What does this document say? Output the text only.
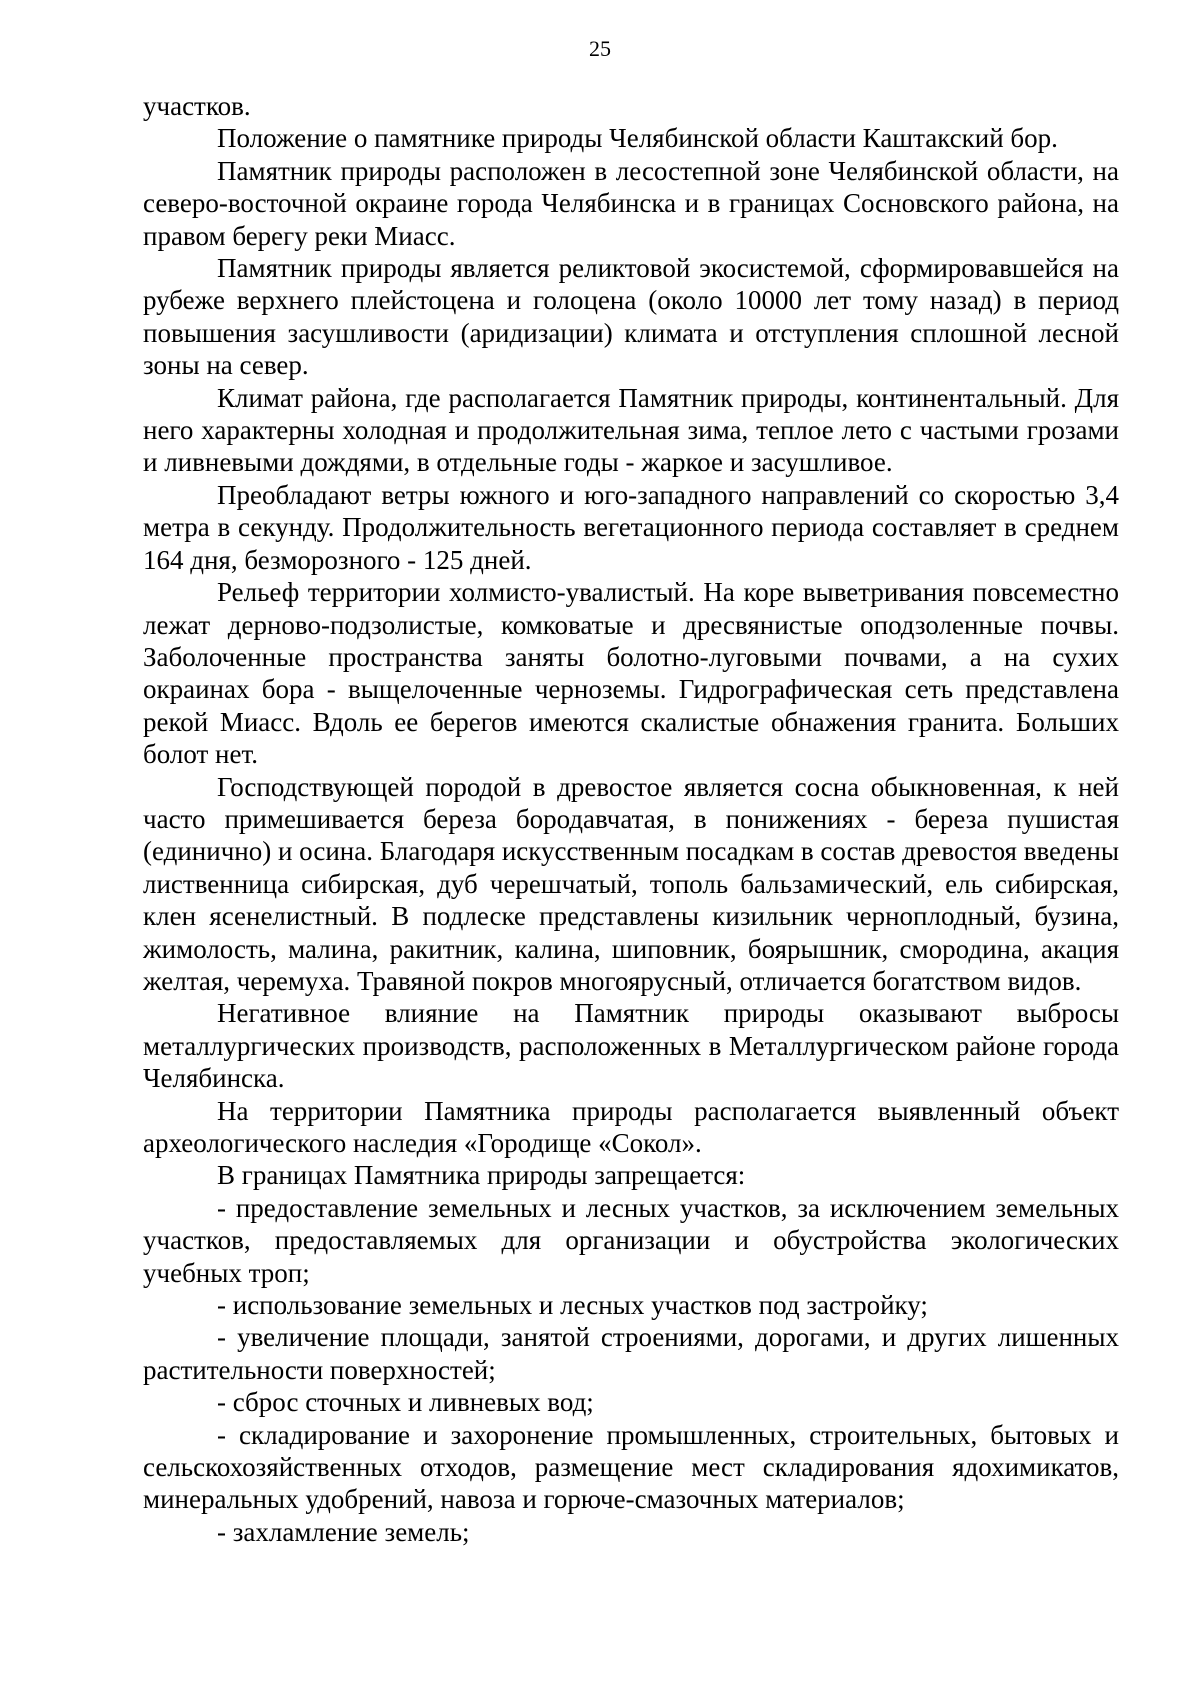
25

участков.

Положение о памятнике природы Челябинской области Каштакский бор.

Памятник природы расположен в лесостепной зоне Челябинской области, на северо-восточной окраине города Челябинска и в границах Сосновского района, на правом берегу реки Миасс.

Памятник природы является реликтовой экосистемой, сформировавшейся на рубеже верхнего плейстоцена и голоцена (около 10000 лет тому назад) в период повышения засушливости (аридизации) климата и отступления сплошной лесной зоны на север.

Климат района, где располагается Памятник природы, континентальный. Для него характерны холодная и продолжительная зима, теплое лето с частыми грозами и ливневыми дождями, в отдельные годы - жаркое и засушливое.

Преобладают ветры южного и юго-западного направлений со скоростью 3,4 метра в секунду. Продолжительность вегетационного периода составляет в среднем 164 дня, безморозного - 125 дней.

Рельеф территории холмисто-увалистый. На коре выветривания повсеместно лежат дерново-подзолистые, комковатые и дресвянистые оподзоленные почвы. Заболоченные пространства заняты болотно-луговыми почвами, а на сухих окраинах бора - выщелоченные черноземы. Гидрографическая сеть представлена рекой Миасс. Вдоль ее берегов имеются скалистые обнажения гранита. Больших болот нет.

Господствующей породой в древостое является сосна обыкновенная, к ней часто примешивается береза бородавчатая, в понижениях - береза пушистая (единично) и осина. Благодаря искусственным посадкам в состав древостоя введены лиственница сибирская, дуб черешчатый, тополь бальзамический, ель сибирская, клен ясенелистный. В подлеске представлены кизильник черноплодный, бузина, жимолость, малина, ракитник, калина, шиповник, боярышник, смородина, акация желтая, черемуха. Травяной покров многоярусный, отличается богатством видов.

Негативное влияние на Памятник природы оказывают выбросы металлургических производств, расположенных в Металлургическом районе города Челябинска.

На территории Памятника природы располагается выявленный объект археологического наследия «Городище «Сокол».

В границах Памятника природы запрещается:

- предоставление земельных и лесных участков, за исключением земельных участков, предоставляемых для организации и обустройства экологических учебных троп;

- использование земельных и лесных участков под застройку;

- увеличение площади, занятой строениями, дорогами, и других лишенных растительности поверхностей;

- сброс сточных и ливневых вод;

- складирование и захоронение промышленных, строительных, бытовых и сельскохозяйственных отходов, размещение мест складирования ядохимикатов, минеральных удобрений, навоза и горюче-смазочных материалов;

- захламление земель;
